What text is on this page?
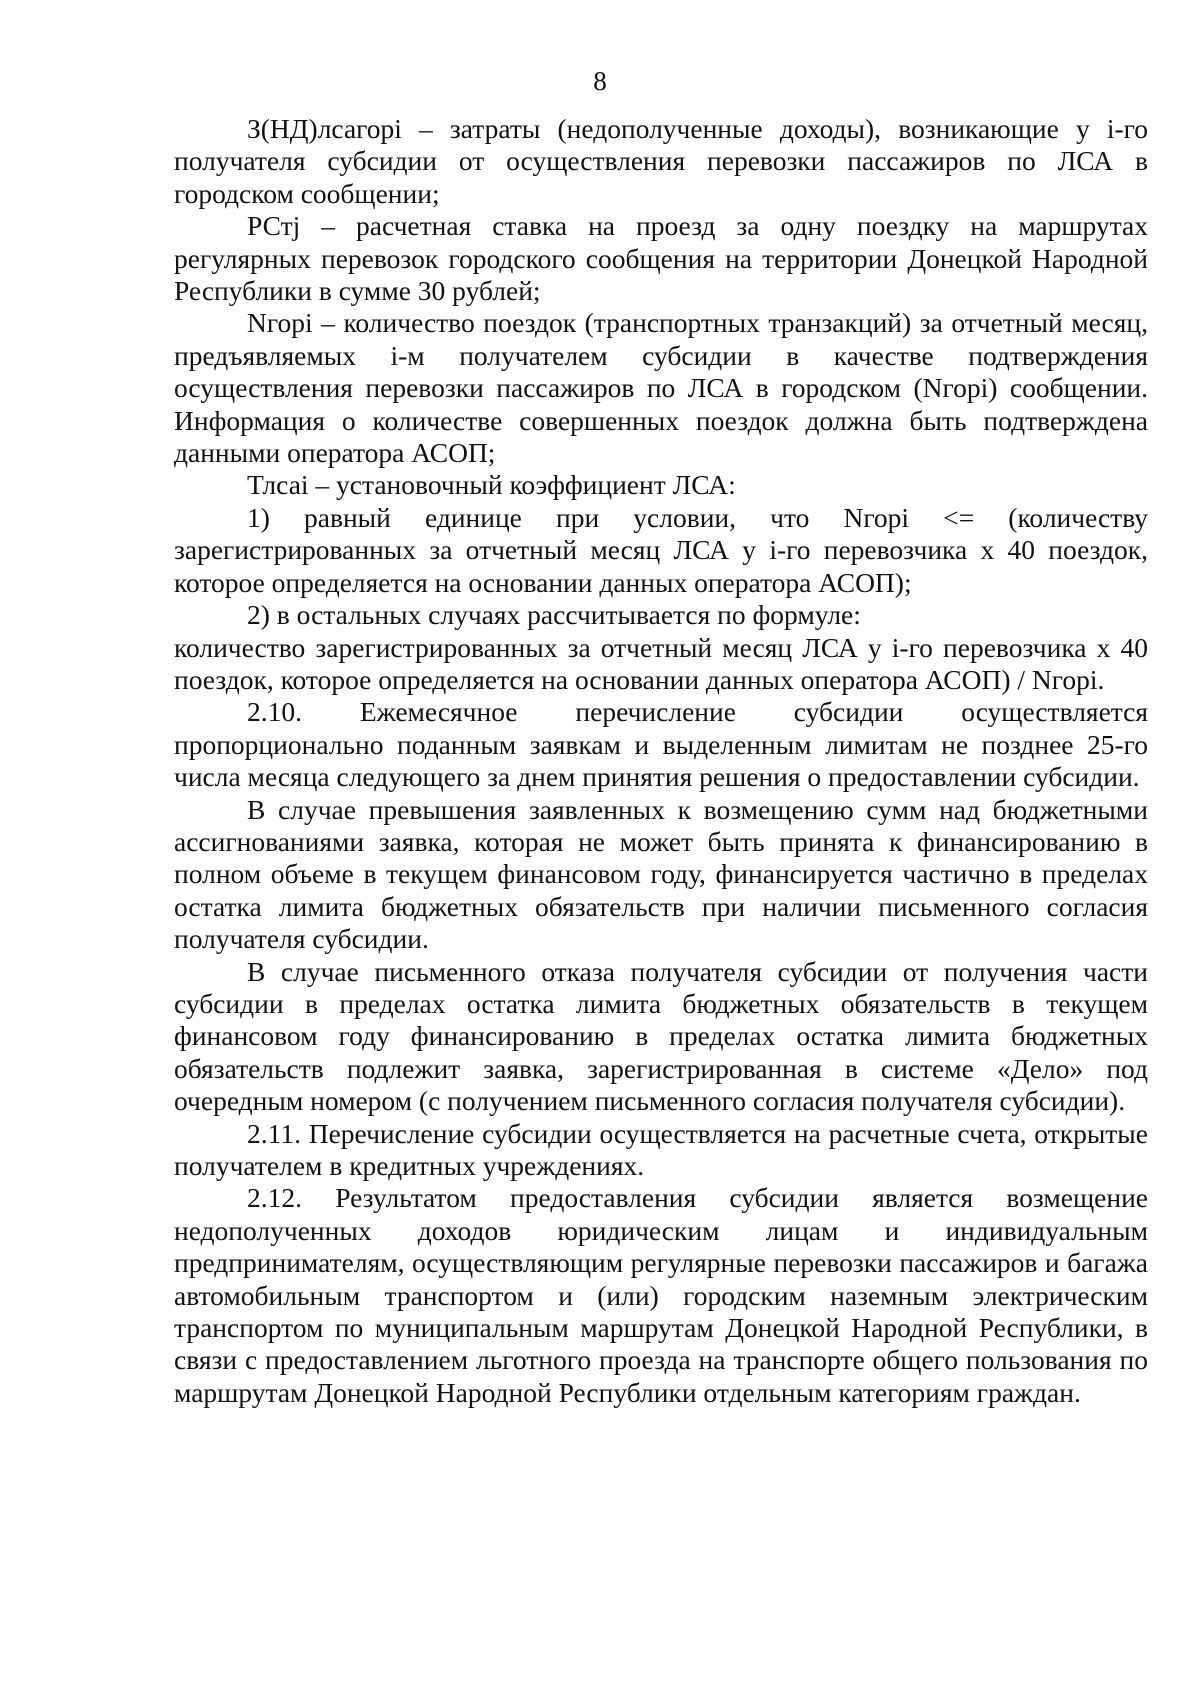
8

З(НД)лсагорі – затраты (недополученные доходы), возникающие у і-го получателя субсидии от осуществления перевозки пассажиров по ЛСА в городском сообщении;

РСтj – расчетная ставка на проезд за одну поездку на маршрутах регулярных перевозок городского сообщения на территории Донецкой Народной Республики в сумме 30 рублей;

Nгорі – количество поездок (транспортных транзакций) за отчетный месяц, предъявляемых і-м получателем субсидии в качестве подтверждения осуществления перевозки пассажиров по ЛСА в городском (Nгорі) сообщении. Информация о количестве совершенных поездок должна быть подтверждена данными оператора АСОП;

Тлсаі – установочный коэффициент ЛСА:

1) равный единице при условии, что Nгорі <= (количеству зарегистрированных за отчетный месяц ЛСА у і-го перевозчика х 40 поездок, которое определяется на основании данных оператора АСОП);

2) в остальных случаях рассчитывается по формуле:

количество зарегистрированных за отчетный месяц ЛСА у і-го перевозчика х 40 поездок, которое определяется на основании данных оператора АСОП) / Nгорі.

2.10. Ежемесячное перечисление субсидии осуществляется пропорционально поданным заявкам и выделенным лимитам не позднее 25-го числа месяца следующего за днем принятия решения о предоставлении субсидии.

В случае превышения заявленных к возмещению сумм над бюджетными ассигнованиями заявка, которая не может быть принята к финансированию в полном объеме в текущем финансовом году, финансируется частично в пределах остатка лимита бюджетных обязательств при наличии письменного согласия получателя субсидии.

В случае письменного отказа получателя субсидии от получения части субсидии в пределах остатка лимита бюджетных обязательств в текущем финансовом году финансированию в пределах остатка лимита бюджетных обязательств подлежит заявка, зарегистрированная в системе «Дело» под очередным номером (с получением письменного согласия получателя субсидии).

2.11. Перечисление субсидии осуществляется на расчетные счета, открытые получателем в кредитных учреждениях.

2.12. Результатом предоставления субсидии является возмещение недополученных доходов юридическим лицам и индивидуальным предпринимателям, осуществляющим регулярные перевозки пассажиров и багажа автомобильным транспортом и (или) городским наземным электрическим транспортом по муниципальным маршрутам Донецкой Народной Республики, в связи с предоставлением льготного проезда на транспорте общего пользования по маршрутам Донецкой Народной Республики отдельным категориям граждан.
